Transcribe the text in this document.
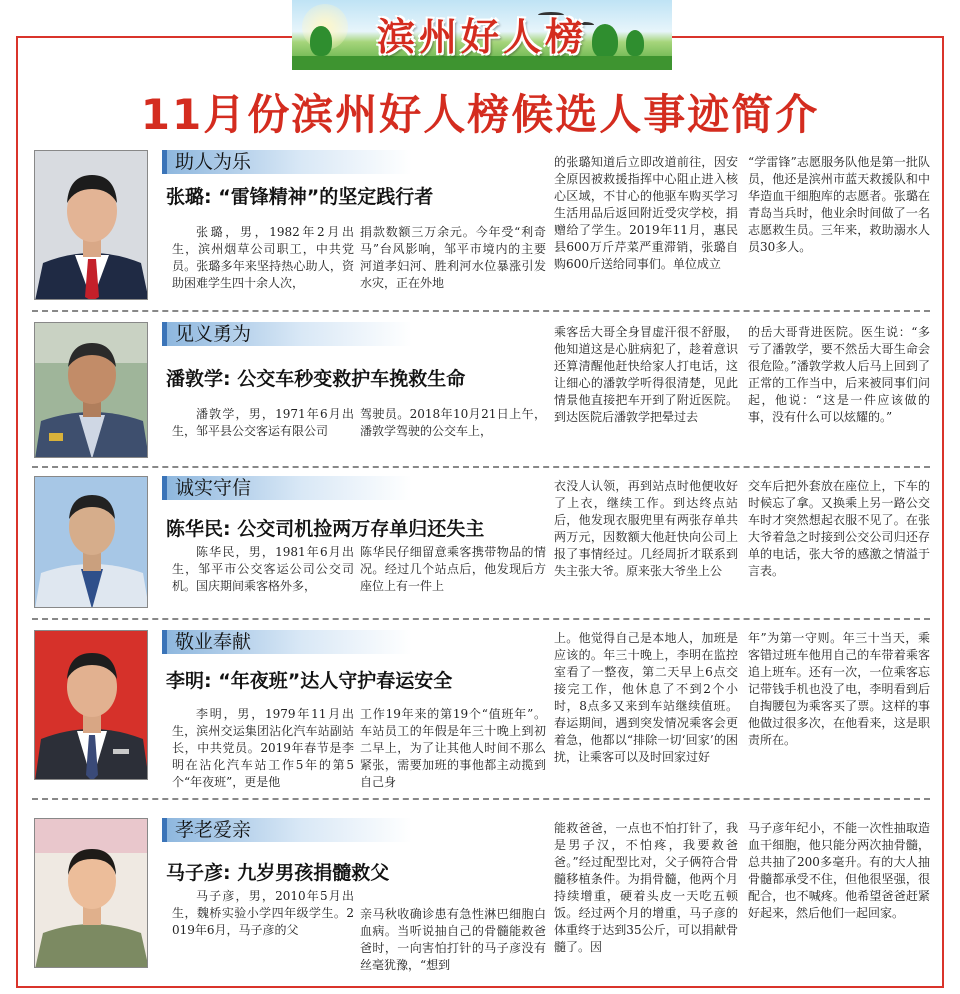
滨州好人榜
11月份滨州好人榜候选人事迹简介
助人为乐
张璐: “雷锋精神”的坚定践行者
张璐，男，1982年2月出生，滨州烟草公司职工，中共党员。张璐多年来坚持热心助人，资助困难学生四十余人次，
捐款数额三万余元。今年受“利奇马”台风影响，邹平市境内的主要河道孝妇河、胜利河水位暴涨引发水灾，正在外地
的张璐知道后立即改道前往，因安全原因被救援指挥中心阻止进入核心区域，不甘心的他驱车购买学习生活用品后返回附近受灾学校，捐赠给了学生。2019年11月，惠民县600万斤芹菜严重滞销，张璐自购600斤送给同事们。单位成立
“学雷锋”志愿服务队他是第一批队员，他还是滨州市蓝天救援队和中华造血干细胞库的志愿者。张璐在青岛当兵时，他业余时间做了一名志愿救生员。三年来，救助溺水人员30多人。
见义勇为
潘敦学: 公交车秒变救护车挽救生命
潘敦学，男，1971年6月出生，邹平县公交客运有限公司
驾驶员。2018年10月21日上午，潘敦学驾驶的公交车上，
乘客岳大哥全身冒虚汗很不舒服，他知道这是心脏病犯了，趁着意识还算清醒他赶快给家人打电话，这让细心的潘敦学听得很清楚，见此情景他直接把车开到了附近医院。到达医院后潘敦学把晕过去
的岳大哥背进医院。医生说：“多亏了潘敦学，要不然岳大哥生命会很危险。”潘敦学救人后马上回到了正常的工作当中，后来被同事们问起，他说：“这是一件应该做的事，没有什么可以炫耀的。”
诚实守信
陈华民: 公交司机捡两万存单归还失主
陈华民，男，1981年6月出生，邹平市公交客运公司公交司机。国庆期间乘客格外多，
陈华民仔细留意乘客携带物品的情况。经过几个站点后，他发现后方座位上有一件上
衣没人认领，再到站点时他便收好了上衣，继续工作。到达终点站后，他发现衣服兜里有两张存单共两万元，因数额大他赶快向公司上报了事情经过。几经周折才联系到失主张大爷。原来张大爷坐上公
交车后把外套放在座位上，下车的时候忘了拿。又换乘上另一路公交车时才突然想起衣服不见了。在张大爷着急之时接到公交公司归还存单的电话，张大爷的感激之情溢于言表。
敬业奉献
李明: “年夜班”达人守护春运安全
李明，男，1979年11月出生，滨州交运集团沾化汽车站副站长，中共党员。2019年春节是李明在沾化汽车站工作5年的第5个“年夜班”，更是他
工作19年来的第19个“值班年”。车站员工的年假是年三十晚上到初二早上，为了让其他人时间不那么紧张，需要加班的事他都主动揽到自己身
上。他觉得自己是本地人，加班是应该的。年三十晚上，李明在监控室看了一整夜，第二天早上6点交接完工作，他休息了不到2个小时，8点多又来到车站继续值班。春运期间，遇到突发情况乘客会更着急，他都以“排除一切‘回家’的困扰，让乘客可以及时回家过好
年”为第一守则。年三十当天，乘客错过班车他用自己的车带着乘客追上班车。还有一次，一位乘客忘记带钱手机也没了电，李明看到后自掏腰包为乘客买了票。这样的事他做过很多次，在他看来，这是职责所在。
孝老爱亲
马子彦: 九岁男孩捐髓救父
马子彦，男，2010年5月出生，魏桥实验小学四年级学生。2019年6月，马子彦的父
亲马秋收确诊患有急性淋巴细胞白血病。当听说抽自己的骨髓能救爸爸时，一向害怕打针的马子彦没有丝毫犹豫，“想到
能救爸爸，一点也不怕打针了，我是男子汉，不怕疼，我要救爸爸。”经过配型比对，父子俩符合骨髓移植条件。为捐骨髓，他两个月持续增重，硬着头皮一天吃五顿饭。经过两个月的增重，马子彦的体重终于达到35公斤，可以捐献骨髓了。因
马子彦年纪小，不能一次性抽取造血干细胞，他只能分两次抽骨髓，总共抽了200多毫升。有的大人抽骨髓都承受不住，但他很坚强，很配合，也不喊疼。他希望爸爸赶紧好起来，然后他们一起回家。
